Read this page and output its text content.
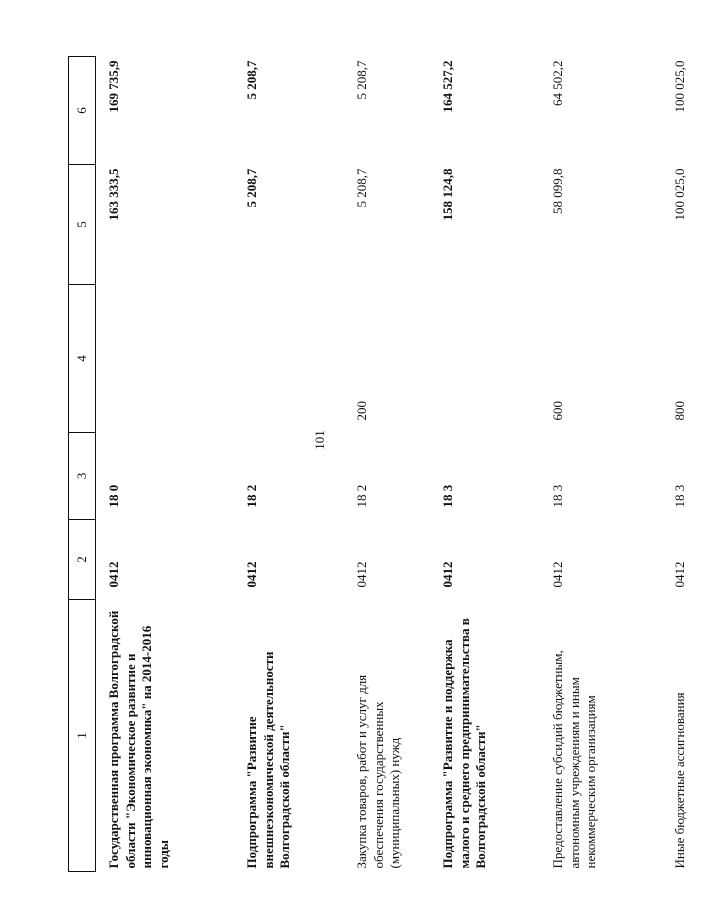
101
1	2	3	4	5	6
Государственная программа Волгоградской области "Экономическое развитие и инновационная экономика" на 2014-2016 годы	0412	18 0		163 333,5	169 735,9
Подпрограмма "Развитие внешнеэкономической деятельности Волгоградской области"	0412	18 2		5 208,7	5 208,7
Закупка товаров, работ и услуг для обеспечения государственных (муниципальных) нужд	0412	18 2	200	5 208,7	5 208,7
Подпрограмма "Развитие и поддержка малого и среднего предпринимательства в Волгоградской области"	0412	18 3		158 124,8	164 527,2
Предоставление субсидий бюджетным, автономным учреждениям и иным некоммерческим организациям	0412	18 3	600	58 099,8	64 502,2
Иные бюджетные ассигнования	0412	18 3	800	100 025,0	100 025,0
